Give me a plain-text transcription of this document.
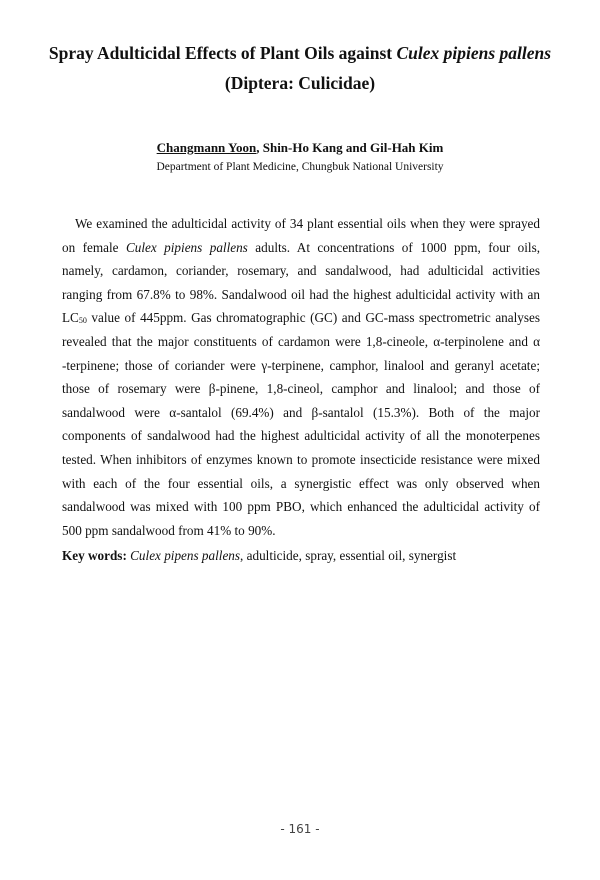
Spray Adulticidal Effects of Plant Oils against Culex pipiens pallens
(Diptera: Culicidae)
Changmann Yoon, Shin-Ho Kang and Gil-Hah Kim
Department of Plant Medicine, Chungbuk National University
We examined the adulticidal activity of 34 plant essential oils when they were sprayed
on female Culex pipiens pallens adults. At concentrations of 1000 ppm, four oils,
namely, cardamon, coriander, rosemary, and sandalwood, had adulticidal activities
ranging from 67.8% to 98%. Sandalwood oil had the highest adulticidal activity with an
$LC_{50}$ value of 445ppm. Gas chromatographic (GC) and GC-mass spectrometric analyses
revealed that the major constituents of cardamon were 1,8-cineole, α-terpinolene and α
-terpinene; those of coriander were γ-terpinene, camphor, linalool and geranyl acetate;
those of rosemary were β-pinene, 1,8-cineol, camphor and linalool; and those of
sandalwood were α-santalol (69.4%) and β-santalol (15.3%). Both of the major
components of sandalwood had the highest adulticidal activity of all the monoterpenes
tested. When inhibitors of enzymes known to promote insecticide resistance were mixed
with each of the four essential oils, a synergistic effect was only observed when
sandalwood was mixed with 100 ppm PBO, which enhanced the adulticidal activity of
500 ppm sandalwood from 41% to 90%.
Key words: Culex pipens pallens, adulticide, spray, essential oil, synergist
- 161 -
